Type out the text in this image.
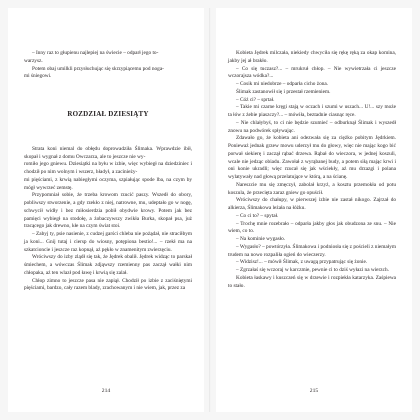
– Inny raz to głupienu najlepiej na świecie – odparł jego to-

warzysz.

Potem obaj umilkli przysłuchując się skrzypiącemu pod noga-

mi śniegowi.

ROZDZIAŁ DZIESIĄTY

Strata koni niemal do obłędu doprowadziła Ślimaka. Wprawdzie ibił, skopał i wygnał z domu Owczarza, ale to jeszcze nie wy-

romiło jego gniewu. Dziesiątki na byłu w izbie, więc wybiegł na dziedziniec i chodził po nim wolnym i wszerz, hładył, a zacinieży-

mi pięściami, z krwią nabiegłymi oczyma, szpiałując spode lba, na czym by mógł wywrzeć zemstę.

Przypomniał sobie, że trzeba krowom rzucić paszy. Wszedł do obory, pobliwszy stworzenie, a gdy rzekło z niej, natrowne, mu, udeptało go w nogę, schwycił widły i bez miłosierdzia pobił obydwie krowy. Potem jak bez pamięci wybiegł na stodołę, a żobaczywszy zwikła Burka, skopał psa, już tracącego jak drewno, kłe na czym świat stoi.

– Zabyj ty, psie nasienie, z cudzej garści chleba nie pożądał, nie straciłbym ja koni... Gnij tutaj i ciersp do wiosny, potępiona bestio!... – rzekł ma na szkatcioncie i jeszcze raz kopnął, aż pękło w znamenitym zwierzęciu.

Wróciwszy do izby zlądł się tak, że Jędrek obalił. Jędrek widząc to parskał śmiechem, a wówczas Ślimak zdjąwszy rzemienny pas zaczął wałki nim chłopaka, aż ten wlazł pod ławę i krwią się zalał.

Chłop zimno to jeszcze pasa nie zapiął. Chodził po izbie z zaciśniętymi pięściami, bardzo, cały razem blady, zrachowanym i nie wiem, jak, przez za

214

Kobieta Jędrek milczała, niekiedy chwyciła się rękę ręką za okap komina, jakby jej ał brakło.

– Co się tuczasz?... – mrukruł chłop. – Nie wywietrzała ci jeszcze wczorajsza wódka?...

– Cosik mi niedobrze – odparła cicho żona.

Ślimak zastanowił się i przestał rzemieniem.

– Cóż ci? – sprtał.

– Takie mi czarne kręgi stają w oczach i szumi w uszach... U!... szy może ta łów z żebie piaszczy?... – mówiła, beztadnie ciasnąc ręce.

– Nie chlałybyś, to ci nie będzie szumieć – odburknął Ślimak i wyszedł znowu na podwórek spływając.

Zdawało go, że kobieta ani odezwała się za ciężko pobitym Jędrkiem. Ponieważ jednak grzew mowu uderzył mu do głowy, więc nie mając kogo bić porwał siekierę i zaczął rąbać drzewa. Rąbał do wieczora, w jednej koszuli, wcale nie jedząc obiadu. Zawołał z wyrąbanej budy, a potem siłą mając krwi i oni konie ukradli; więc rzucał się jak wściekły, aż mu drzazgi i polana wylatywały nad głową przelatujące w którą, a na ścianę.

Nareszcie mu się zmęczył, zabolał krzyż, a kosztu przemokła od potu koszula, że przecięta zaraz gniew go opuścił.

Wróciwszy do chałupy, w pierwszej izbie nie zastał nikogo. Zajrzał do alkierza, Ślimakowa leżała na łóżku.

– Co ci to? – spytał.

– Trochę mnie rozebrało – odparła jakby głos jak obudzona ze snu. – Nie wiem, co to.

– Na kominie wygasło.

– Wygasło? – powtórzyła. Ślimakowa i podniosła się z pościeli z niemałym trudem na nowo rozpaliła ogień do wieczerzy.

– Widzisz!... – mówił Ślimak, z uwagą przypatrując się żonie.

– Zgrzałaś się wczoraj w karczmie, pewnie ci to dziś wyłazi na wierzch.

Kobieta łaskawy i kuszczeń się w drzewie i rozpiekła katarzyka. Zaśpiewa to stało.

215
